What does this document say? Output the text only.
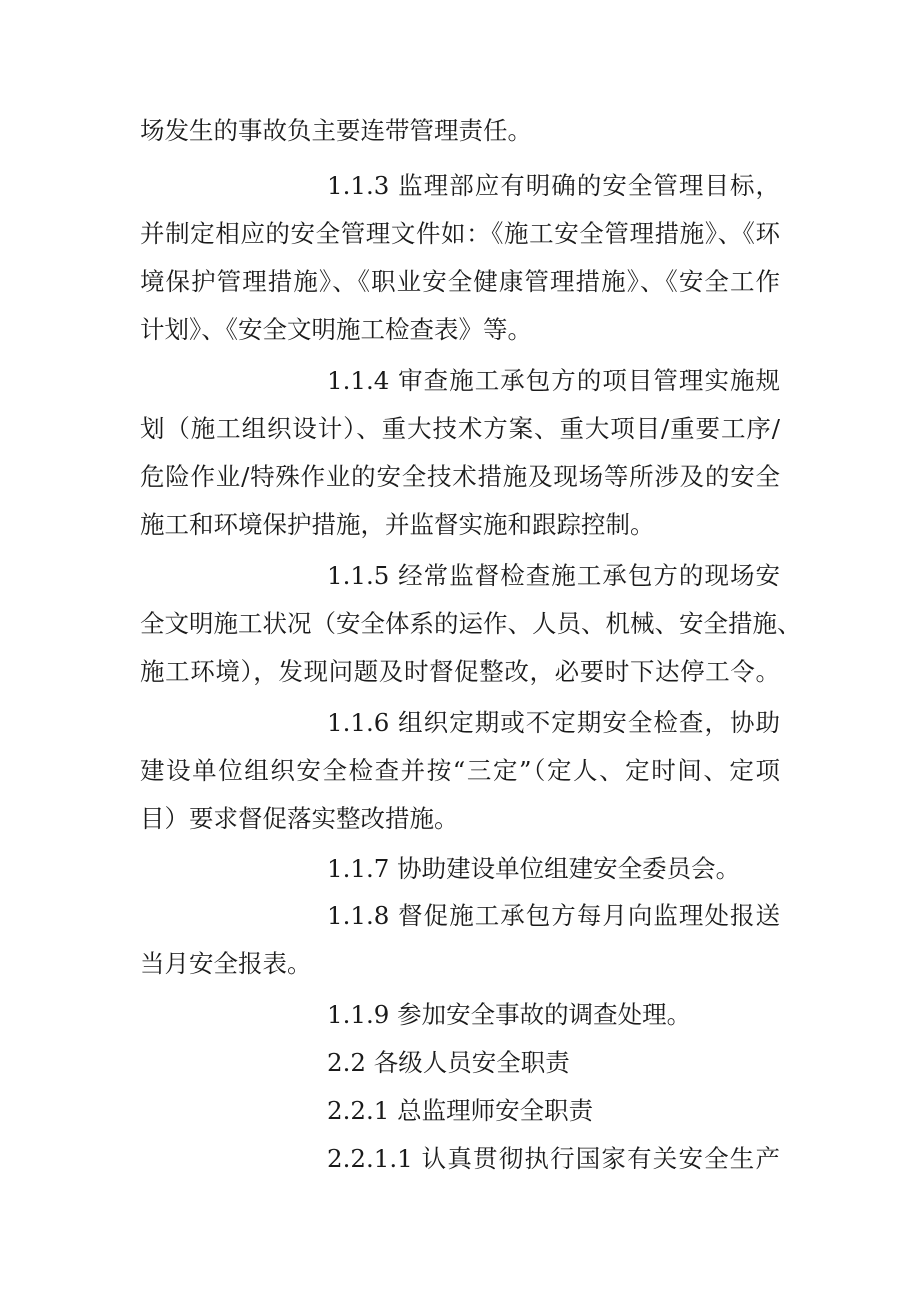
场发生的事故负主要连带管理责任。
1.1.3 监理部应有明确的安全管理目标，
并制定相应的安全管理文件如：《施工安全管理措施》、《环
境保护管理措施》、《职业安全健康管理措施》、《安全工作
计划》、《安全文明施工检查表》等。
1.1.4 审查施工承包方的项目管理实施规
划（施工组织设计）、重大技术方案、重大项目/重要工序/
危险作业/特殊作业的安全技术措施及现场等所涉及的安全
施工和环境保护措施，并监督实施和跟踪控制。
1.1.5 经常监督检查施工承包方的现场安
全文明施工状况（安全体系的运作、人员、机械、安全措施、
施工环境），发现问题及时督促整改，必要时下达停工令。
1.1.6 组织定期或不定期安全检查，协助
建设单位组织安全检查并按“三定”（定人、定时间、定项
目）要求督促落实整改措施。
1.1.7 协助建设单位组建安全委员会。
1.1.8 督促施工承包方每月向监理处报送
当月安全报表。
1.1.9 参加安全事故的调查处理。
2.2 各级人员安全职责
2.2.1 总监理师安全职责
2.2.1.1 认真贯彻执行国家有关安全生产
